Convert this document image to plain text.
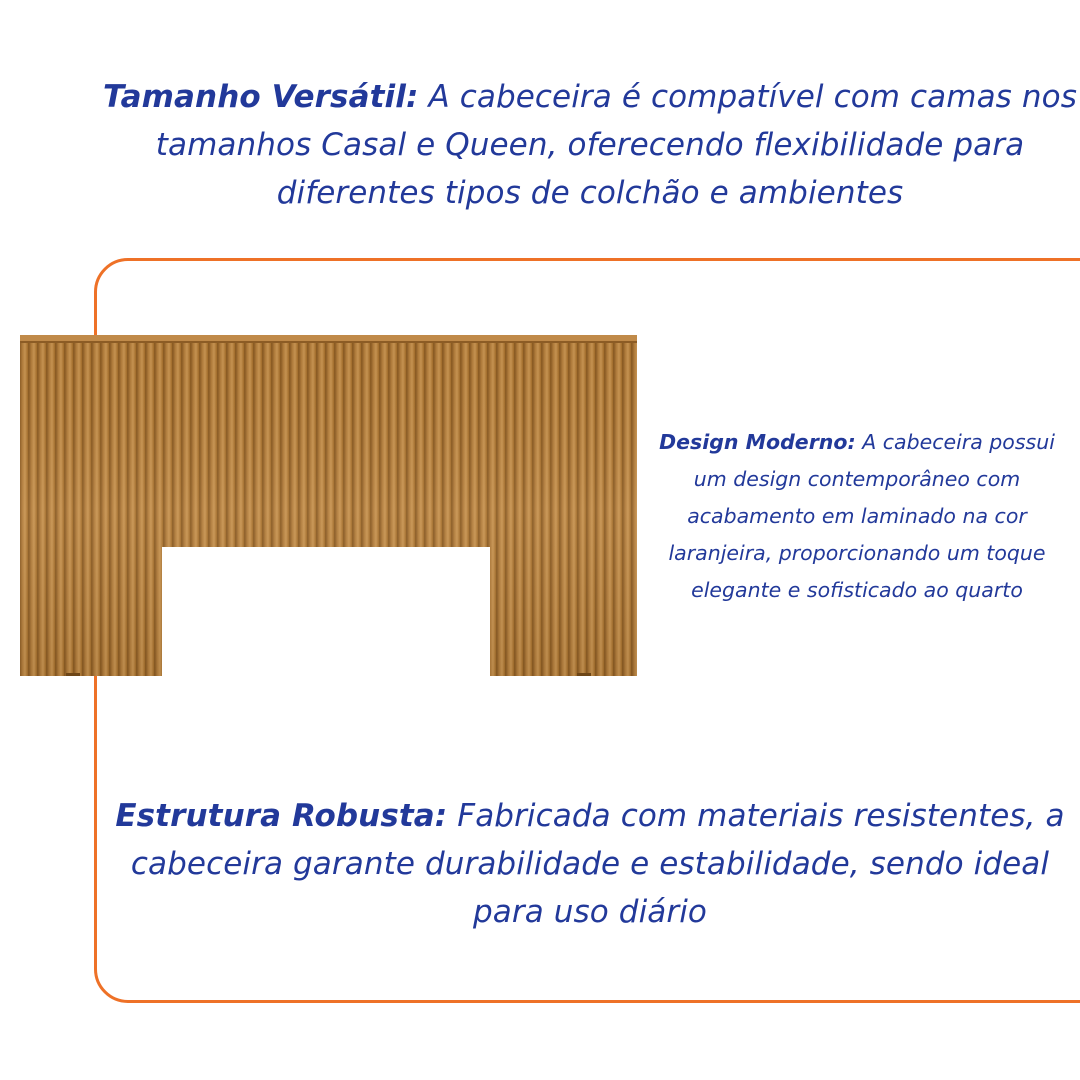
Tamanho Versátil: A cabeceira é compatível com camas nos tamanhos Casal e Queen, oferecendo flexibilidade para diferentes tipos de colchão e ambientes
Design Moderno: A cabeceira possui um design contemporâneo com acabamento em laminado na cor laranjeira, proporcionando um toque elegante e sofisticado ao quarto
Estrutura Robusta: Fabricada com materiais resistentes, a cabeceira garante durabilidade e estabilidade, sendo ideal para uso diário
